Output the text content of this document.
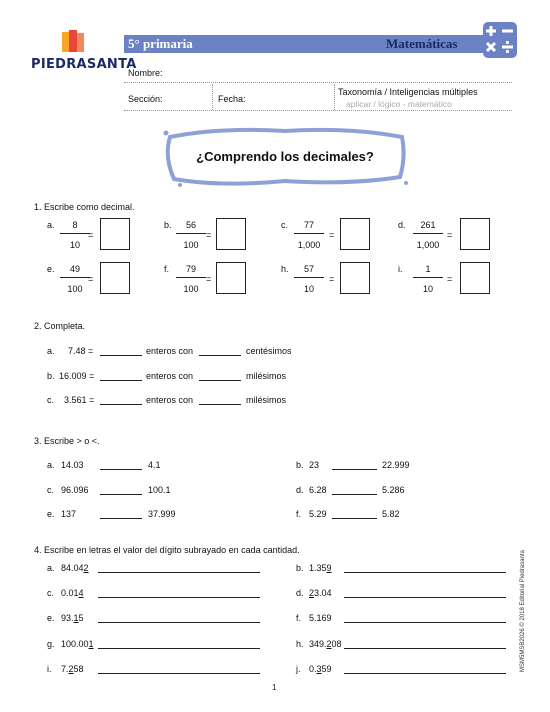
PIEDRASANTA
5° primaria	Matemáticas
Nombre:
Sección:	Fecha:
Taxonomía / Inteligencias múltiples
aplicar / lógico - matemático
¿Comprendo los decimales?
1. Escribe como decimal.
a.	8
10
=
b.	56
100
=
c.	77
1,000
=
d.	261
1,000
=
e.	49
100
=
f.	79
100
=
h.	57
10
=
i.	1
10
=
2. Completa.
a. 7.48 =	enteros con	centésimos
b. 16.009 =	enteros con	milésimos
c. 3.561 =	enteros con	milésimos
3. Escribe > o <.
a. 14.03	4.1	b. 23	22.999
c. 96.096	100.1	d. 6.28	5.286
e. 137	37.999	f. 5.29	5.82
4. Escribe en letras el valor del dígito subrayado en cada cantidad.
a. 84.042	b. 1.359
c. 0.014	d. 23.04
e. 93.15	f. 5.169
g. 100.001	h. 349.208
i. 7.258	j. 0.359	MSM5MSB2026 © 2018 Editorial Piedrasanta
1
